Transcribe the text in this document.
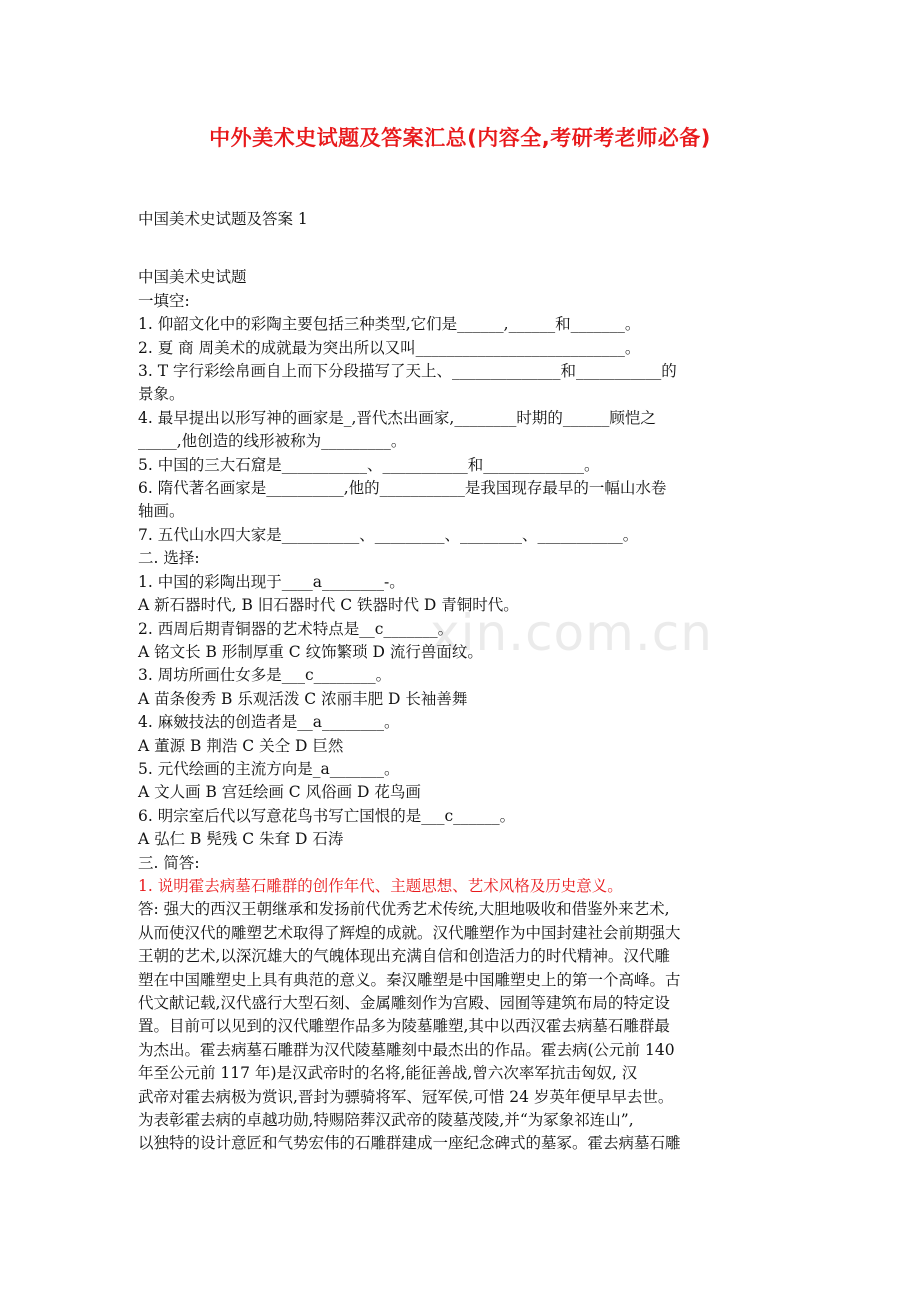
中外美术史试题及答案汇总(内容全,考研考老师必备)
xin.com.cn
中国美术史试题及答案 1
中国美术史试题
一填空:
1. 仰韶文化中的彩陶主要包括三种类型,它们是______,______和_______。
2. 夏 商 周美术的成就最为突出所以又叫___________________________。
3. T 字行彩绘帛画自上而下分段描写了天上、______________和___________的
景象。
4. 最早提出以形写神的画家是_,晋代杰出画家,________时期的______顾恺之
_____,他创造的线形被称为_________。
5. 中国的三大石窟是___________、___________和_____________。
6. 隋代著名画家是__________,他的___________是我国现存最早的一幅山水卷
轴画。
7. 五代山水四大家是__________、_________、________、___________。
二. 选择:
1. 中国的彩陶出现于____a________-。
A 新石器时代, B 旧石器时代 C 铁器时代 D 青铜时代。
2. 西周后期青铜器的艺术特点是__c_______。
A 铭文长 B 形制厚重 C 纹饰繁琐 D 流行兽面纹。
3. 周坊所画仕女多是___c________。
A 苗条俊秀 B 乐观活泼 C 浓丽丰肥 D 长袖善舞
4. 麻皴技法的创造者是__a________。
A 董源 B 荆浩 C 关仝 D 巨然
5. 元代绘画的主流方向是_a_______。
A 文人画 B 宫廷绘画 C 风俗画 D 花鸟画
6. 明宗室后代以写意花鸟书写亡国恨的是___c______。
A 弘仁 B 髡残 C 朱耷 D 石涛
三. 简答:
1. 说明霍去病墓石雕群的创作年代、主题思想、艺术风格及历史意义。
答: 强大的西汉王朝继承和发扬前代优秀艺术传统,大胆地吸收和借鉴外来艺术,
从而使汉代的雕塑艺术取得了辉煌的成就。汉代雕塑作为中国封建社会前期强大
王朝的艺术,以深沉雄大的气魄体现出充满自信和创造活力的时代精神。汉代雕
塑在中国雕塑史上具有典范的意义。秦汉雕塑是中国雕塑史上的第一个高峰。古
代文献记载,汉代盛行大型石刻、金属雕刻作为宫殿、园囿等建筑布局的特定设
置。目前可以见到的汉代雕塑作品多为陵墓雕塑,其中以西汉霍去病墓石雕群最
为杰出。霍去病墓石雕群为汉代陵墓雕刻中最杰出的作品。霍去病(公元前 140
年至公元前 117 年)是汉武帝时的名将,能征善战,曾六次率军抗击匈奴, 汉
武帝对霍去病极为赏识,晋封为骠骑将军、冠军侯,可惜 24 岁英年便早早去世。
为表彰霍去病的卓越功勋,特赐陪葬汉武帝的陵墓茂陵,并“为冢象祁连山”,
以独特的设计意匠和气势宏伟的石雕群建成一座纪念碑式的墓冢。霍去病墓石雕
